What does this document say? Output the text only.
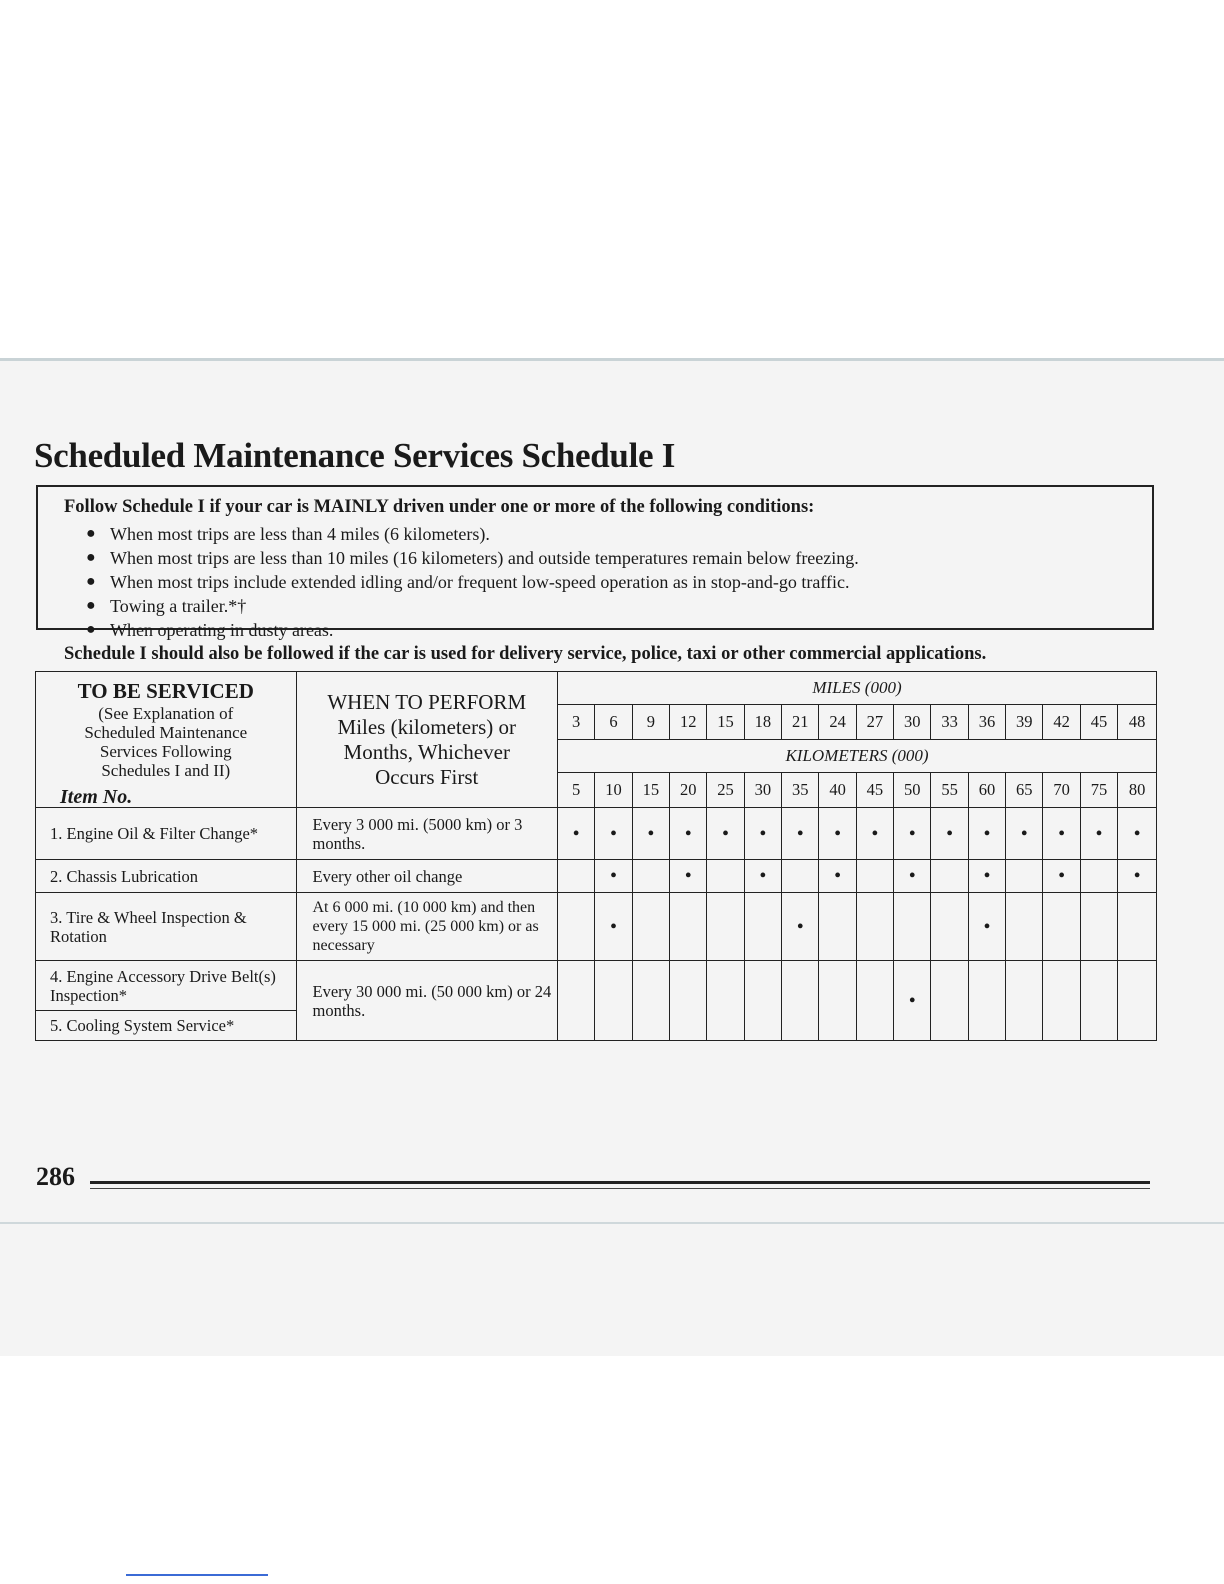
Scheduled Maintenance Services Schedule I
Follow Schedule I if your car is MAINLY driven under one or more of the following conditions:
● When most trips are less than 4 miles (6 kilometers).
● When most trips are less than 10 miles (16 kilometers) and outside temperatures remain below freezing.
● When most trips include extended idling and/or frequent low-speed operation as in stop-and-go traffic.
● Towing a trailer.*†
● When operating in dusty areas.
Schedule I should also be followed if the car is used for delivery service, police, taxi or other commercial applications.
TO BE SERVICED
(See Explanation of Scheduled Maintenance Services Following Schedules I and II)
Item No.	WHEN TO PERFORM Miles (kilometers) or Months, Whichever Occurs First	MILES (000)															
		3	6	9	12	15	18	21	24	27	30	33	36	39	42	45	48
		KILOMETERS (000)															
		5	10	15	20	25	30	35	40	45	50	55	60	65	70	75	80
1. Engine Oil & Filter Change*	Every 3 000 mi. (5000 km) or 3 months.	•	•	•	•	•	•	•	•	•	•	•	•	•	•	•	•
2. Chassis Lubrication	Every other oil change		•		•		•		•		•		•		•		•
3. Tire & Wheel Inspection & Rotation	At 6 000 mi. (10 000 km) and then every 15 000 mi. (25 000 km) or as necessary		•					•					•				
4. Engine Accessory Drive Belt(s) Inspection*	Every 30 000 mi. (50 000 km) or 24 months.										•						
5. Cooling System Service*																	
286
